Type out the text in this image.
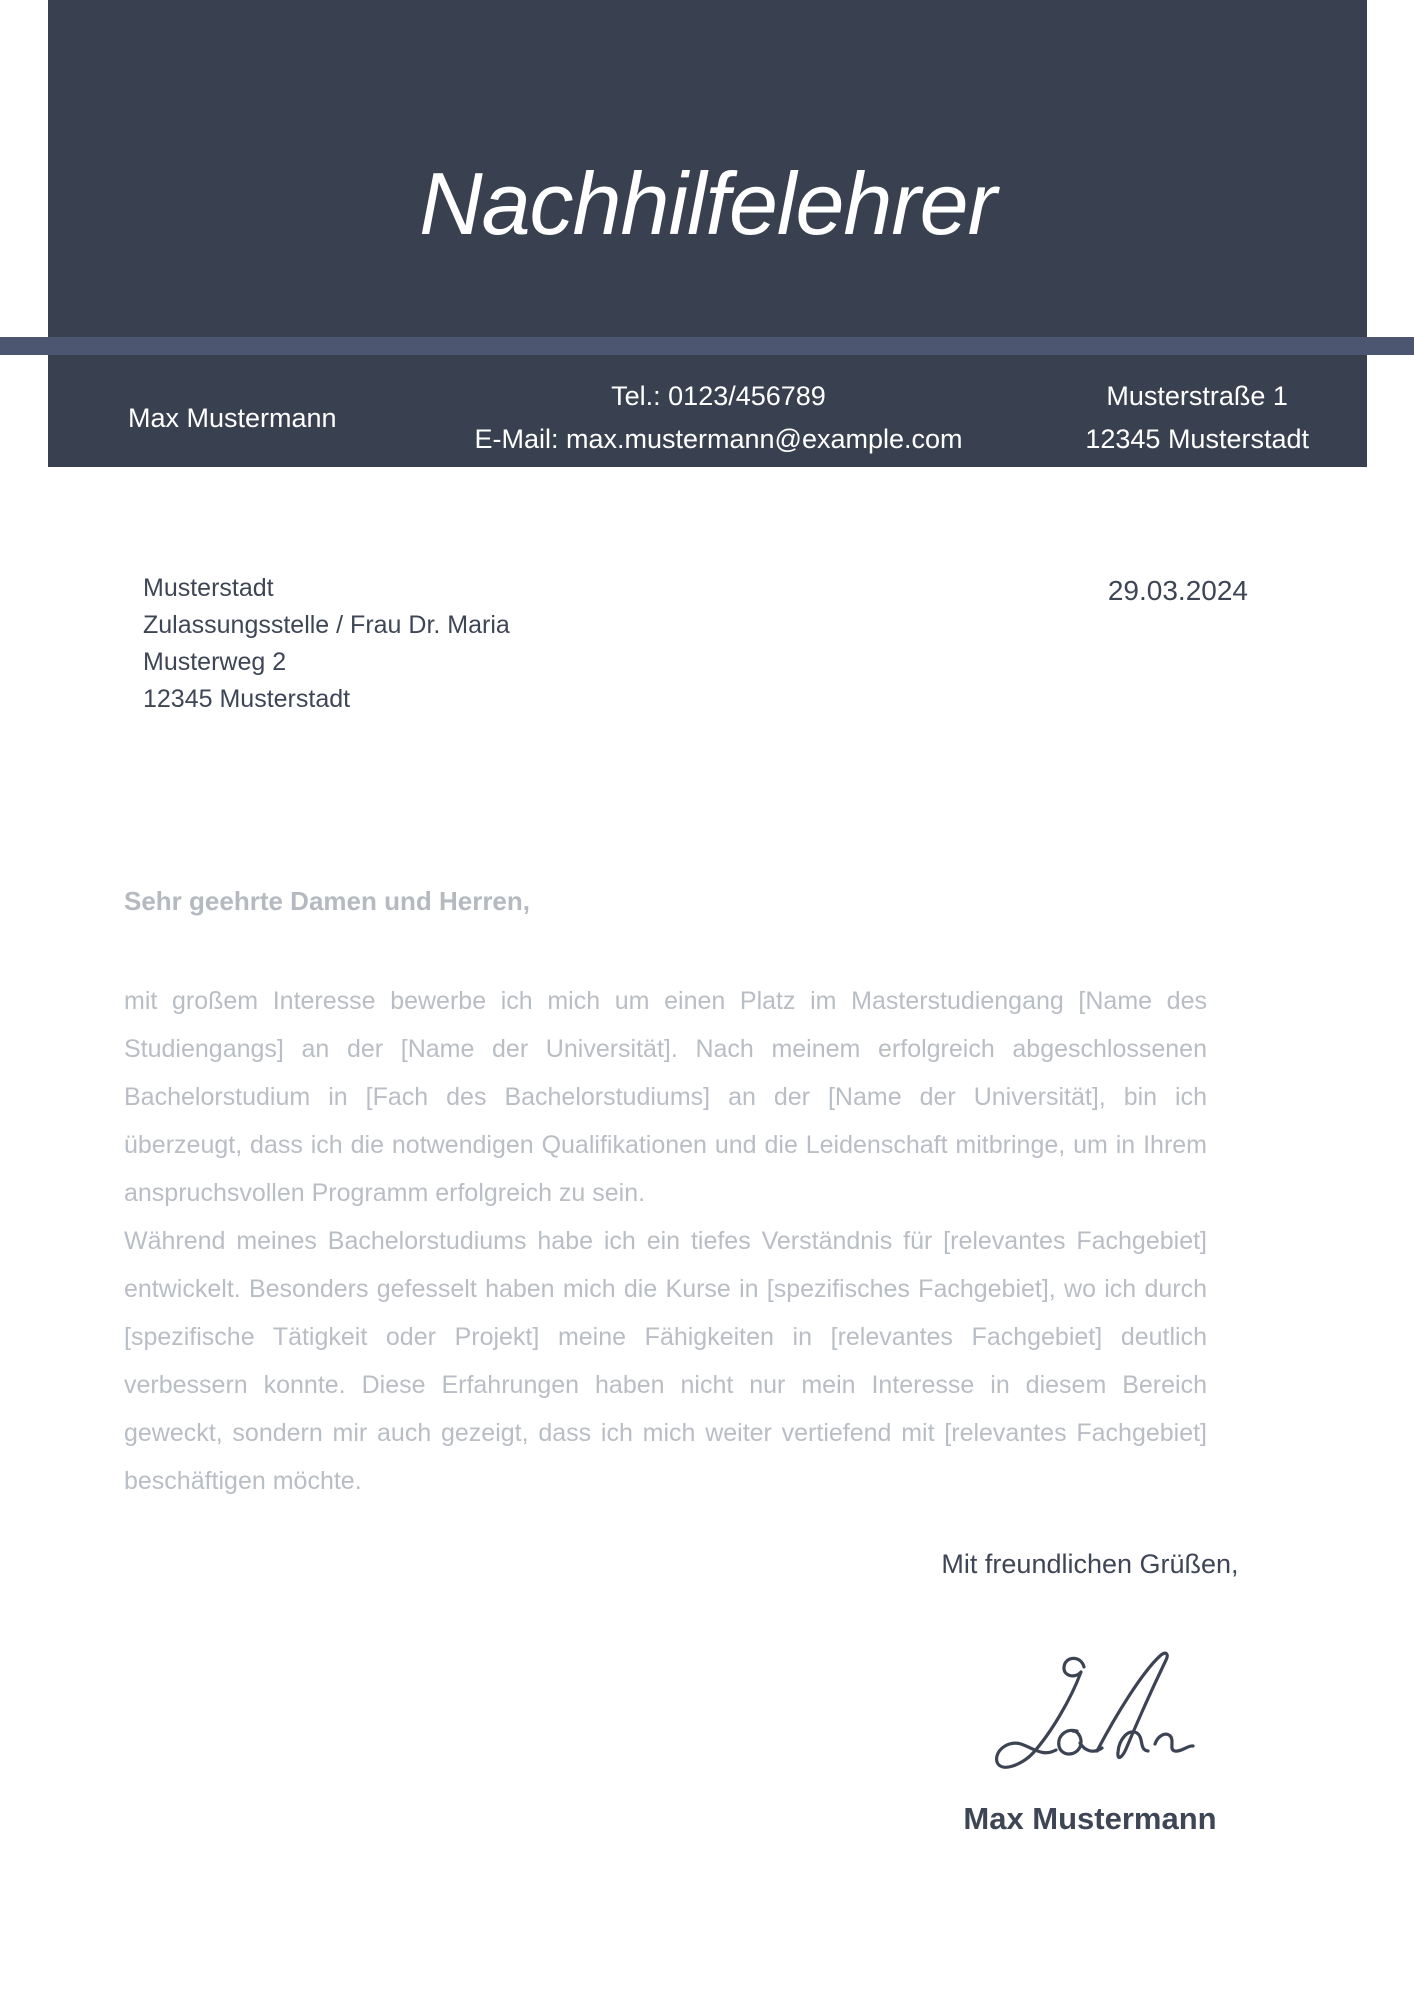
Nachhilfelehrer
Max Mustermann
Tel.: 0123/456789
E-Mail: max.mustermann@example.com
Musterstraße 1
12345 Musterstadt
Musterstadt
Zulassungsstelle / Frau Dr. Maria
Musterweg 2
12345 Musterstadt
29.03.2024
Sehr geehrte Damen und Herren,

mit großem Interesse bewerbe ich mich um einen Platz im Masterstudiengang [Name des Studiengangs] an der [Name der Universität]. Nach meinem erfolgreich abgeschlossenen Bachelorstudium in [Fach des Bachelorstudiums] an der [Name der Universität], bin ich überzeugt, dass ich die notwendigen Qualifikationen und die Leidenschaft mitbringe, um in Ihrem anspruchsvollen Programm erfolgreich zu sein.

Während meines Bachelorstudiums habe ich ein tiefes Verständnis für [relevantes Fachgebiet] entwickelt. Besonders gefesselt haben mich die Kurse in [spezifisches Fachgebiet], wo ich durch [spezifische Tätigkeit oder Projekt] meine Fähigkeiten in [relevantes Fachgebiet] deutlich verbessern konnte. Diese Erfahrungen haben nicht nur mein Interesse in diesem Bereich geweckt, sondern mir auch gezeigt, dass ich mich weiter vertiefend mit [relevantes Fachgebiet] beschäftigen möchte.

Mit freundlichen Grüßen,
Max Mustermann
